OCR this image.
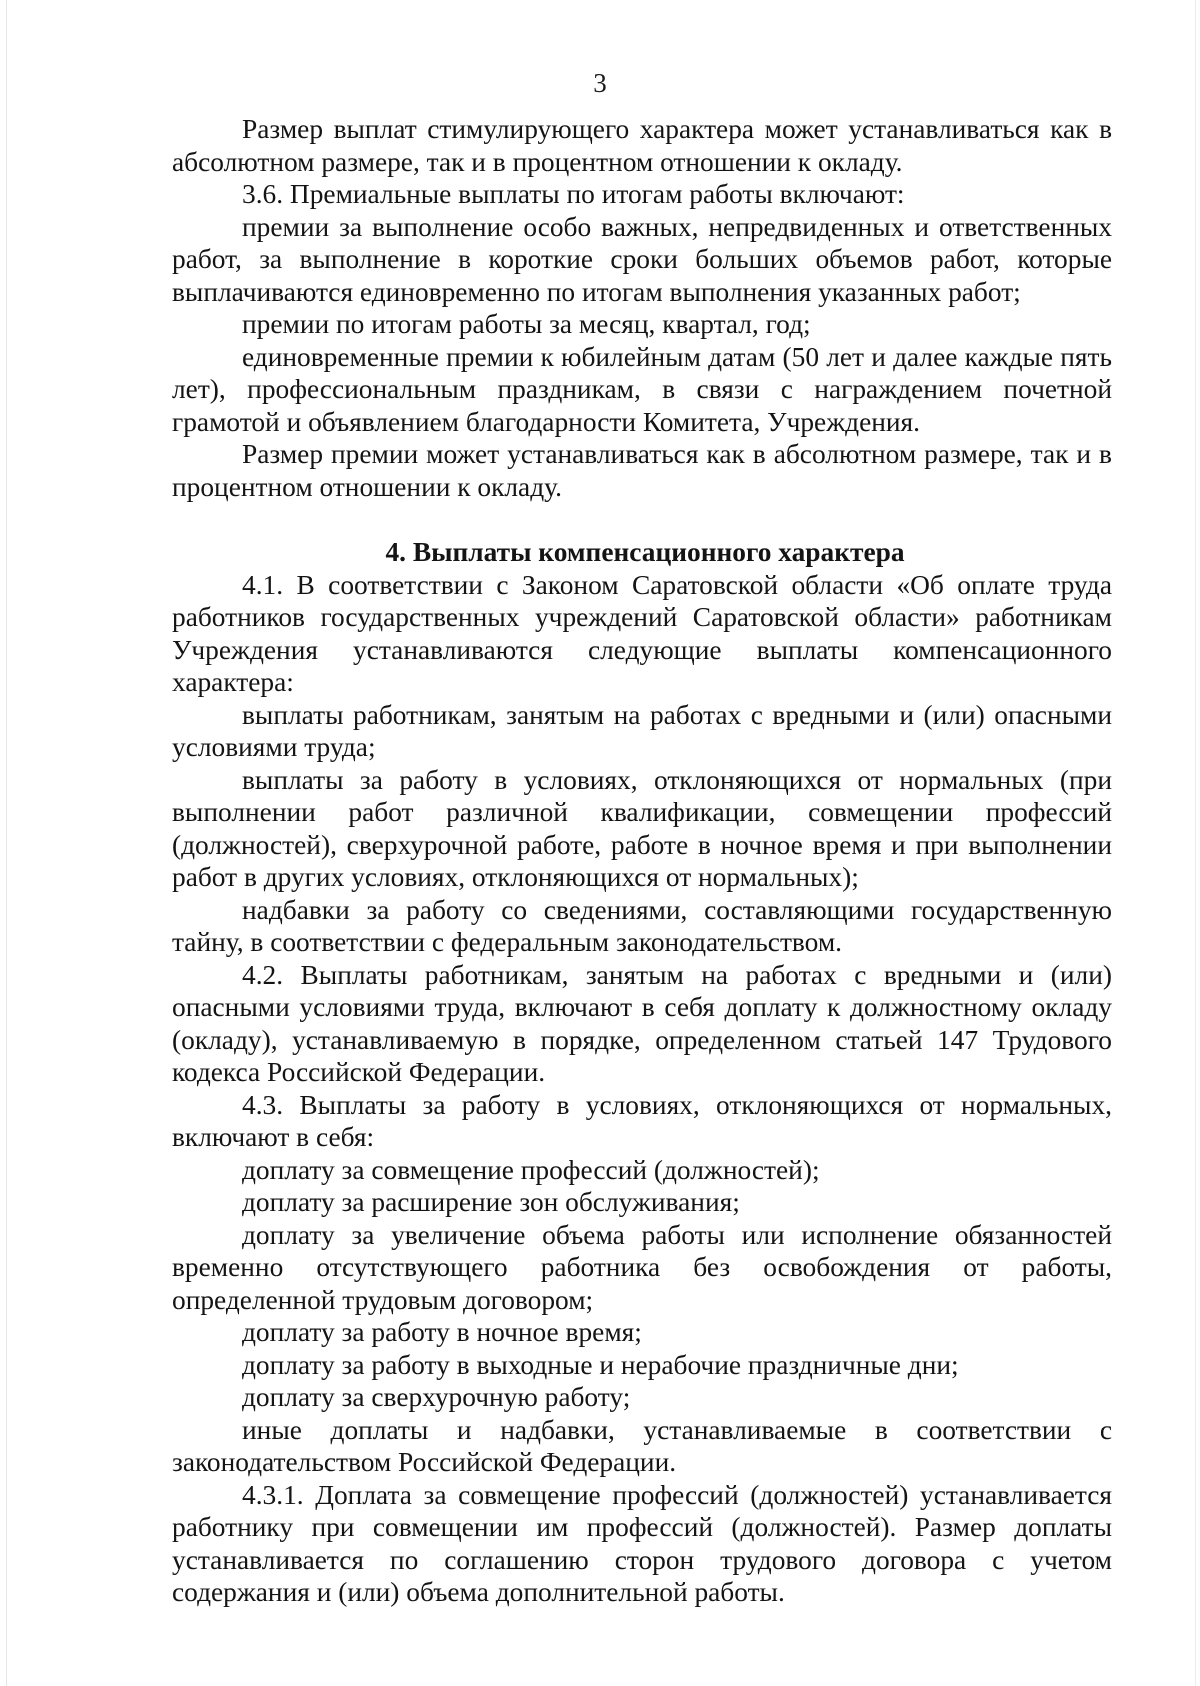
3

Размер выплат стимулирующего характера может устанавливаться как в абсолютном размере, так и в процентном отношении к окладу.

3.6. Премиальные выплаты по итогам работы включают:

премии за выполнение особо важных, непредвиденных и ответственных работ, за выполнение в короткие сроки больших объемов работ, которые выплачиваются единовременно по итогам выполнения указанных работ;

премии по итогам работы за месяц, квартал, год;

единовременные премии к юбилейным датам (50 лет и далее каждые пять лет), профессиональным праздникам, в связи с награждением почетной грамотой и объявлением благодарности Комитета, Учреждения.

Размер премии может устанавливаться как в абсолютном размере, так и в процентном отношении к окладу.

4. Выплаты компенсационного характера

4.1. В соответствии с Законом Саратовской области «Об оплате труда работников государственных учреждений Саратовской области» работникам Учреждения устанавливаются следующие выплаты компенсационного характера:

выплаты работникам, занятым на работах с вредными и (или) опасными условиями труда;

выплаты за работу в условиях, отклоняющихся от нормальных (при выполнении работ различной квалификации, совмещении профессий (должностей), сверхурочной работе, работе в ночное время и при выполнении работ в других условиях, отклоняющихся от нормальных);

надбавки за работу со сведениями, составляющими государственную тайну, в соответствии с федеральным законодательством.

4.2. Выплаты работникам, занятым на работах с вредными и (или) опасными условиями труда, включают в себя доплату к должностному окладу (окладу), устанавливаемую в порядке, определенном статьей 147 Трудового кодекса Российской Федерации.

4.3. Выплаты за работу в условиях, отклоняющихся от нормальных, включают в себя:

доплату за совмещение профессий (должностей);

доплату за расширение зон обслуживания;

доплату за увеличение объема работы или исполнение обязанностей временно отсутствующего работника без освобождения от работы, определенной трудовым договором;

доплату за работу в ночное время;

доплату за работу в выходные и нерабочие праздничные дни;

доплату за сверхурочную работу;

иные доплаты и надбавки, устанавливаемые в соответствии с законодательством Российской Федерации.

4.3.1. Доплата за совмещение профессий (должностей) устанавливается работнику при совмещении им профессий (должностей). Размер доплаты устанавливается по соглашению сторон трудового договора с учетом содержания и (или) объема дополнительной работы.
